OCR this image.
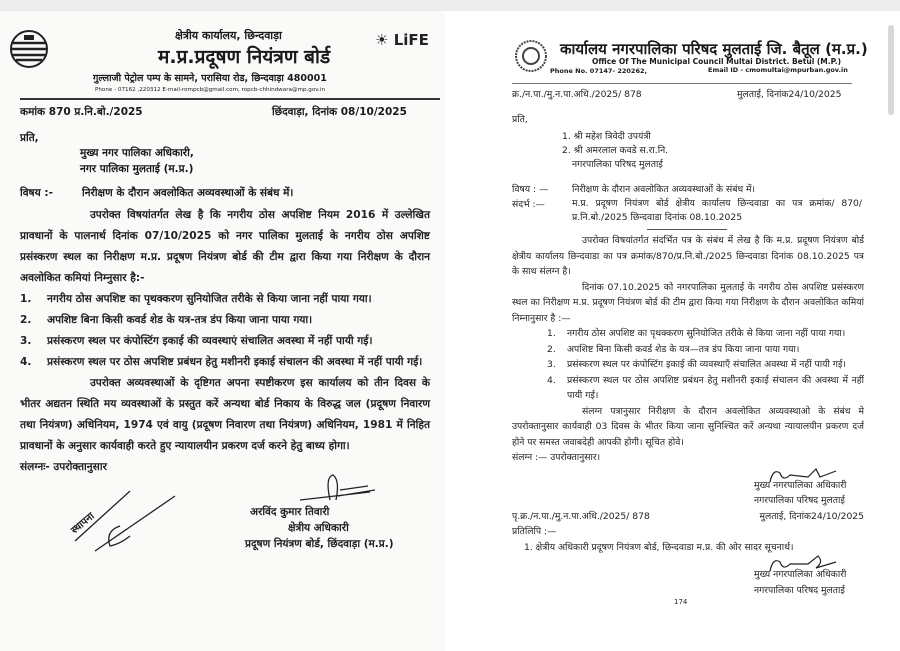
☀ LiFE
क्षेत्रीय कार्यालय, छिन्दवाड़ा
म.प्र.प्रदूषण नियंत्रण बोर्ड
गुल्लाजी पेट्रोल पम्प के सामने, परासिया रोड, छिन्दवाड़ा 480001
Phone - 07162 ,220312 E-mail-rompcb@gmail.com, ropcb-chhindwara@mp.gov.in
कमांक 870 प्र.नि.बो./2025	छिंदवाड़ा, दिनांक 08/10/2025
प्रति,
मुख्य नगर पालिका अधिकारी,
नगर पालिका मुलताई (म.प्र.)
विषय :-	निरीक्षण के दौरान अवलोकित अव्यवस्थाओं के संबंध में।
उपरोक्त विषयांतर्गत लेख है कि नगरीय ठोस अपशिष्ट नियम 2016 में उल्लेखित प्रावधानों के पालनार्थ दिनांक 07/10/2025 को नगर पालिका मुलताई के नगरीय ठोस अपशिष्ट प्रसंस्करण स्थल का निरीक्षण म.प्र. प्रदूषण नियंत्रण बोर्ड की टीम द्वारा किया गया निरीक्षण के दौरान अवलोकित कमियां निम्नुसार है:-
1.	नगरीय ठोस अपशिष्ट का पृथक्करण सुनियोजित तरीके से किया जाना नहीं पाया गया।
2.	अपशिष्ट बिना किसी कवर्ड शेड के यत्र-तत्र डंप किया जाना पाया गया।
3.	प्रसंस्करण स्थल पर कंपोस्टिंग इकाई की व्यवस्थाएं संचालित अवस्था में नहीं पायी गई।
4.	प्रसंस्करण स्थल पर ठोस अपशिष्ट प्रबंधन हेतु मशीनरी इकाई संचालन की अवस्था में नहीं पायी गई।
उपरोक्त अव्यवस्थाओं के दृष्टिगत अपना स्पष्टीकरण इस कार्यालय को तीन दिवस के भीतर अद्यतन स्थिति मय व्यवस्थाओं के प्रस्तुत करें अन्यथा बोर्ड निकाय के विरुद्ध जल (प्रदूषण निवारण तथा नियंत्रण) अधिनियम, 1974 एवं वायु (प्रदूषण निवारण तथा नियंत्रण) अधिनियम, 1981 में निहित प्रावधानों के अनुसार कार्यवाही करते हुए न्यायालयीन प्रकरण दर्ज करने हेतु बाध्य होगा।
संलग्नः- उपरोक्तानुसार
अरविंद कुमार तिवारी
क्षेत्रीय अधिकारी
प्रदूषण नियंत्रण बोर्ड, छिंदवाड़ा (म.प्र.)
स्थापना
कार्यालय नगरपालिका परिषद मुलताई जि. बैतूल (म.प्र.)
Office Of The Municipal Council Multai District. Betul (M.P.)
Phone No. 07147- 220262,	Email ID - cmomultai@mpurban.gov.in
क्र./न.पा./मु.न.पा.अधि./2025/ 878	मुलताई, दिनांक24/10/2025
प्रति,
1. श्री महेश त्रिवेदी उपयंत्री
2. श्री अमरलाल कवडे स.रा.नि.
नगरपालिका परिषद मुलताई
विषय : —	निरीक्षण के दौरान अवलोकित अव्यवस्थाओं के संबंध में।
संदर्भ :—	म.प्र. प्रदूषण नियंत्रण बोर्ड क्षेत्रीय कार्यालय छिन्दवाडा का पत्र क्रमांक/ 870/ प्र.नि.बो./2025 छिन्दवाडा दिनांक 08.10.2025
उपरोक्त विषयांतर्गत संदर्भित पत्र के संबंध में लेख है कि म.प्र. प्रदूषण नियंत्रण बोर्ड क्षेत्रीय कार्यालय छिन्दवाडा का पत्र क्रमांक/870/प्र.नि.बो./2025 छिन्दवाडा दिनांक 08.10.2025 पत्र के साथ संलग्न है।
दिनांक 07.10.2025 को नगरपालिका मुलताई के नगरीय ठोस अपशिष्ट प्रसंस्करण स्थल का निरीक्षण म.प्र. प्रदूषण नियंत्रण बोर्ड की टीम द्वारा किया गया निरीक्षण के दौरान अवलोकित कमियां निम्नानुसार है :—
1.	नगरीय ठोस अपशिष्ट का पृथक्करण सुनियोजित तरीके से किया जाना नहीं पाया गया।
2.	अपशिष्ट बिना किसी कवर्ड शेड के यत्र—तत्र डंप किया जाना पाया गया।
3.	प्रसंस्करण स्थल पर कंपोस्टिंग इकाई की व्यवस्थाएँ संचालित अवस्था में नहीं पायी गई।
4.	प्रसंस्करण स्थल पर ठोस अपशिष्ट प्रबंधन हेतु मशीनरी इकाई संचालन की अवस्था में नहीं पायी गई।
संलग्न पत्रानुसार निरीक्षण के दौरान अवलोकित अव्यवस्थाओ के संबंध मे उपरोक्तानुसार कार्यवाही 03 दिवस के भीतर किया जाना सुनिश्चित करें अन्यथा न्यायालयीन प्रकरण दर्ज होने पर समस्त जवाबदेही आपकी होगी। सूचित होवे।
संलग्न :— उपरोक्तानुसार।
मुख्य नगरपालिका अधिकारी
नगरपालिका परिषद मुलताई
पृ.क्र./न.पा./मु.न.पा.अधि./2025/ 878	मुलताई, दिनांक24/10/2025
प्रतिलिपि :—
1. क्षेत्रीय अधिकारी प्रदूषण नियंत्रण बोर्ड, छिन्दवाडा म.प्र. की ओर सादर सूचनार्थ।
मुख्य नगरपालिका अधिकारी
नगरपालिका परिषद मुलताई
174
